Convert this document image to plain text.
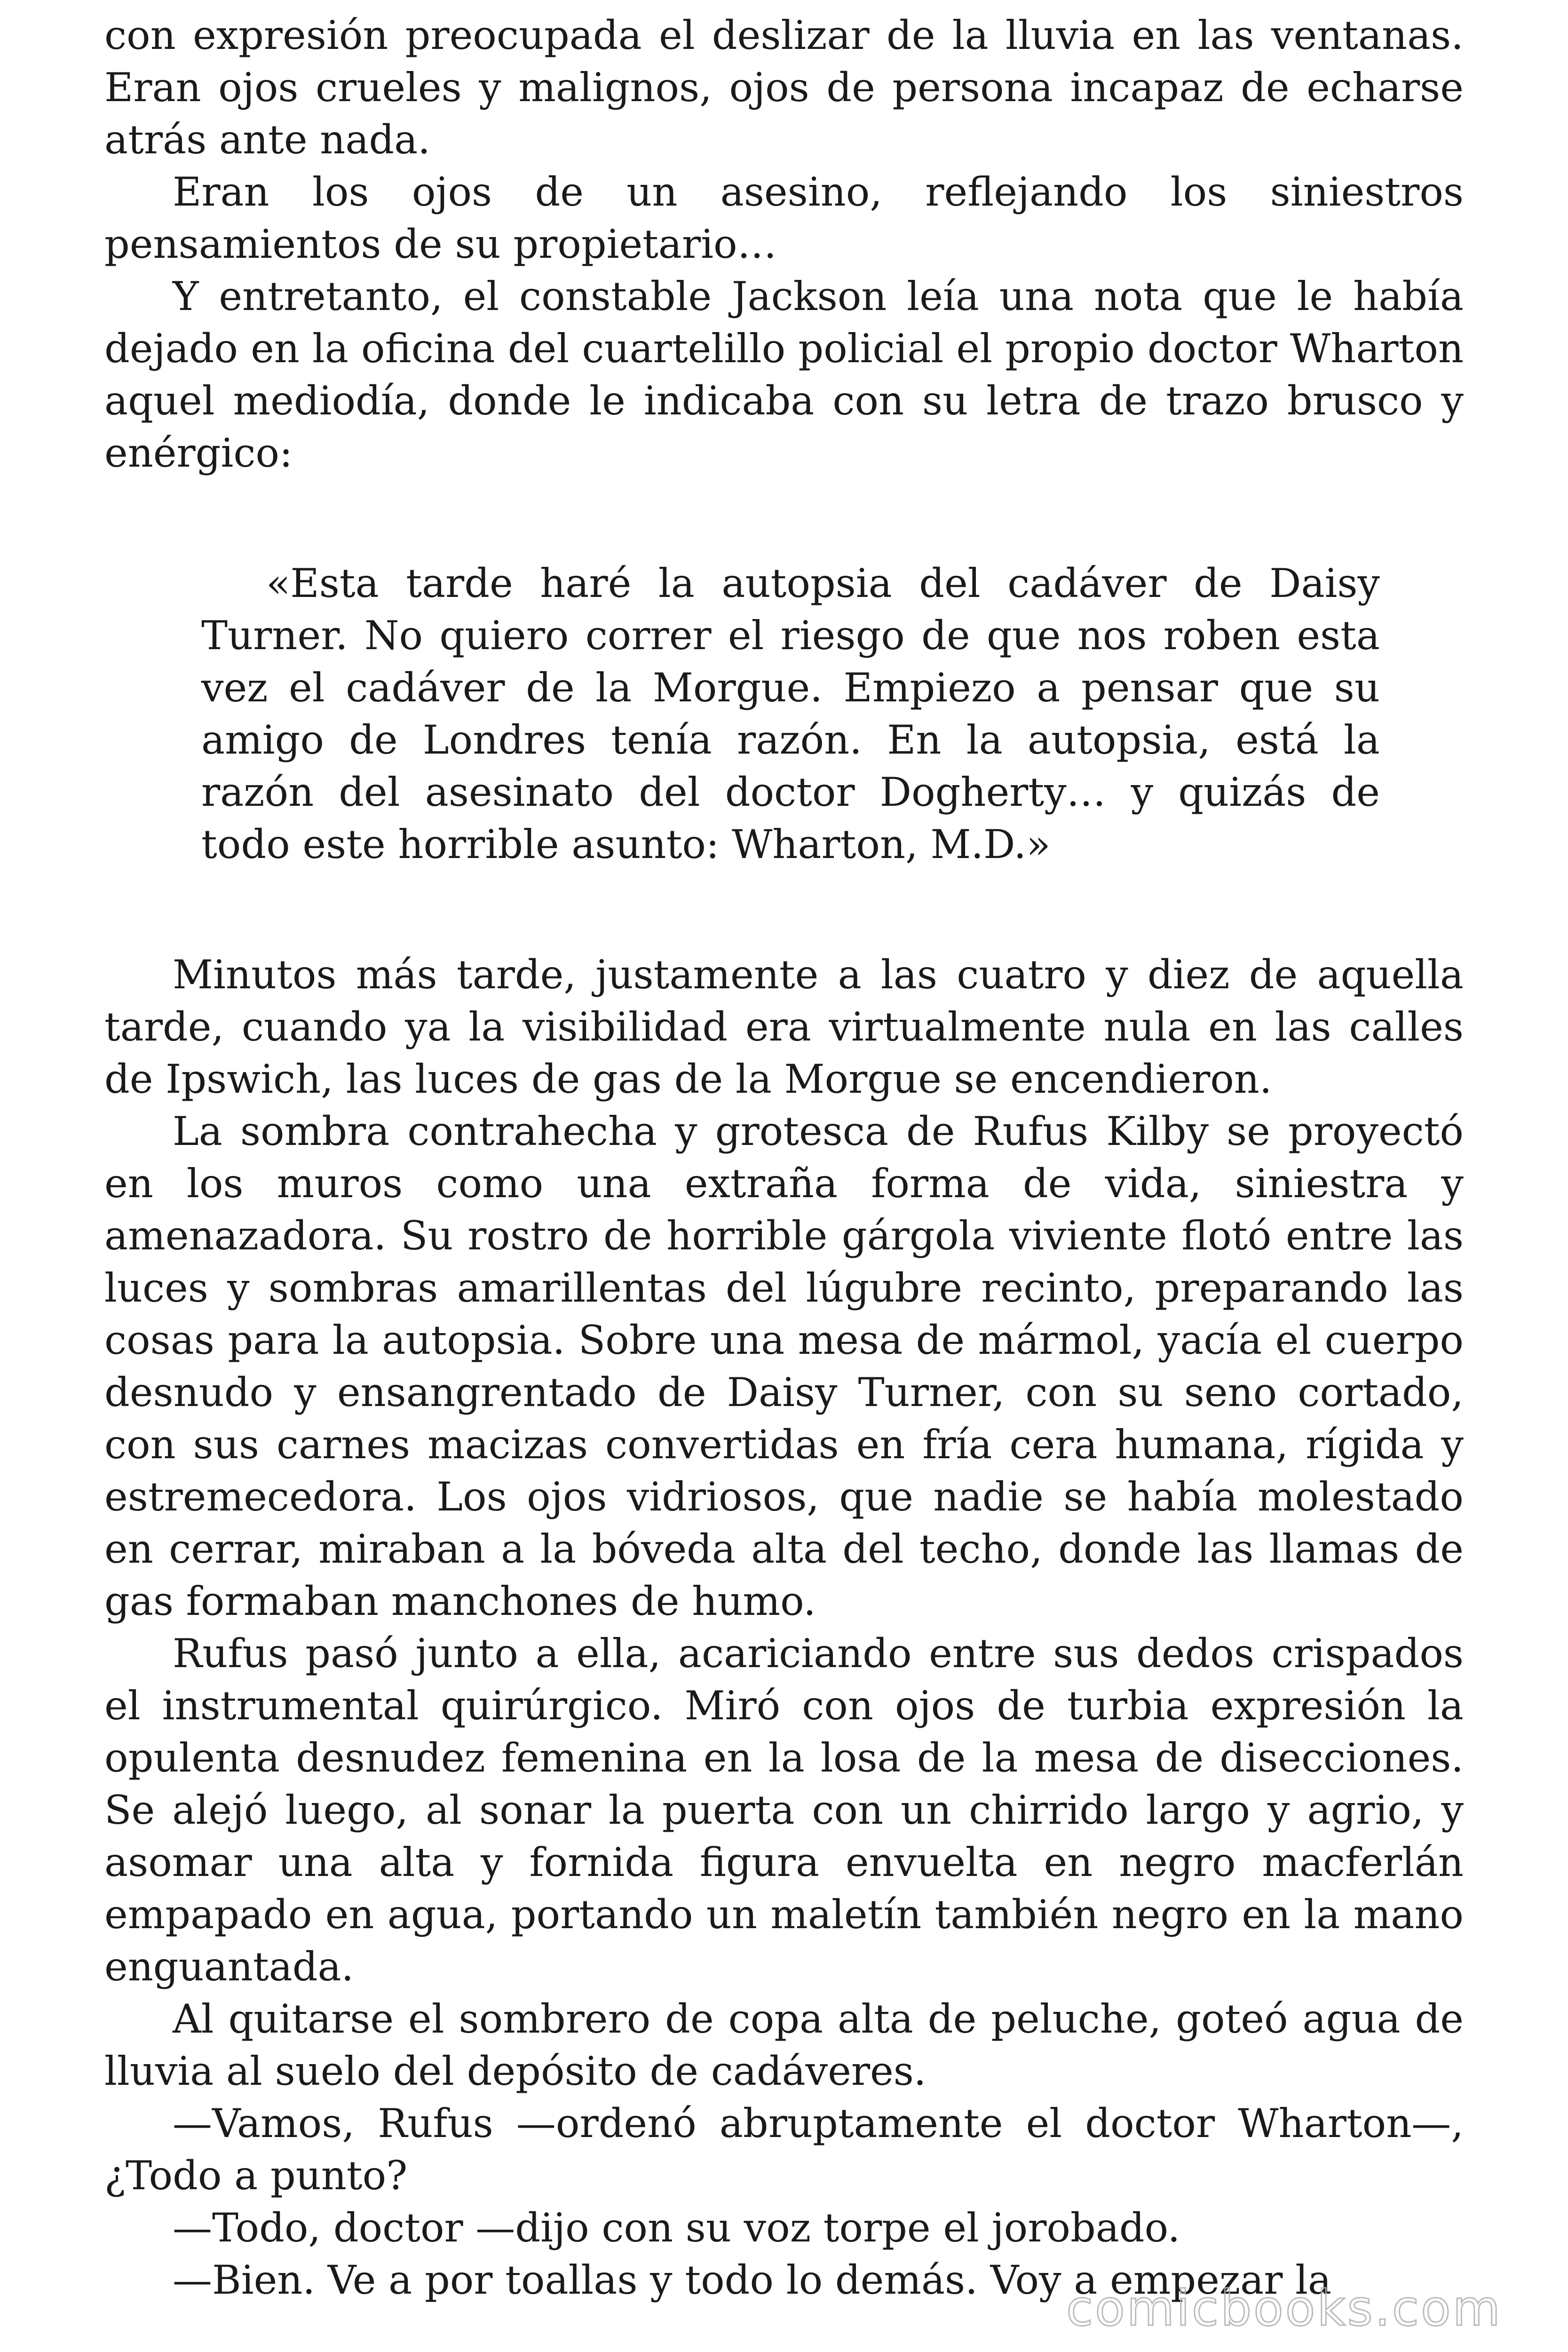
con expresión preocupada el deslizar de la lluvia en las ventanas. Eran ojos crueles y malignos, ojos de persona incapaz de echarse atrás ante nada.

Eran los ojos de un asesino, reflejando los siniestros pensamientos de su propietario…

Y entretanto, el constable Jackson leía una nota que le había dejado en la oficina del cuartelillo policial el propio doctor Wharton aquel mediodía, donde le indicaba con su letra de trazo brusco y enérgico:

«Esta tarde haré la autopsia del cadáver de Daisy Turner. No quiero correr el riesgo de que nos roben esta vez el cadáver de la Morgue. Empiezo a pensar que su amigo de Londres tenía razón. En la autopsia, está la razón del asesinato del doctor Dogherty… y quizás de todo este horrible asunto: Wharton, M.D.»

Minutos más tarde, justamente a las cuatro y diez de aquella tarde, cuando ya la visibilidad era virtualmente nula en las calles de Ipswich, las luces de gas de la Morgue se encendieron.

La sombra contrahecha y grotesca de Rufus Kilby se proyectó en los muros como una extraña forma de vida, siniestra y amenazadora. Su rostro de horrible gárgola viviente flotó entre las luces y sombras amarillentas del lúgubre recinto, preparando las cosas para la autopsia. Sobre una mesa de mármol, yacía el cuerpo desnudo y ensangrentado de Daisy Turner, con su seno cortado, con sus carnes macizas convertidas en fría cera humana, rígida y estremecedora. Los ojos vidriosos, que nadie se había molestado en cerrar, miraban a la bóveda alta del techo, donde las llamas de gas formaban manchones de humo.

Rufus pasó junto a ella, acariciando entre sus dedos crispados el instrumental quirúrgico. Miró con ojos de turbia expresión la opulenta desnudez femenina en la losa de la mesa de disecciones. Se alejó luego, al sonar la puerta con un chirrido largo y agrio, y asomar una alta y fornida figura envuelta en negro macferlán empapado en agua, portando un maletín también negro en la mano enguantada.

Al quitarse el sombrero de copa alta de peluche, goteó agua de lluvia al suelo del depósito de cadáveres.

—Vamos, Rufus —ordenó abruptamente el doctor Wharton—, ¿Todo a punto?

—Todo, doctor —dijo con su voz torpe el jorobado.

—Bien. Ve a por toallas y todo lo demás. Voy a empezar la

comicbooks.com
